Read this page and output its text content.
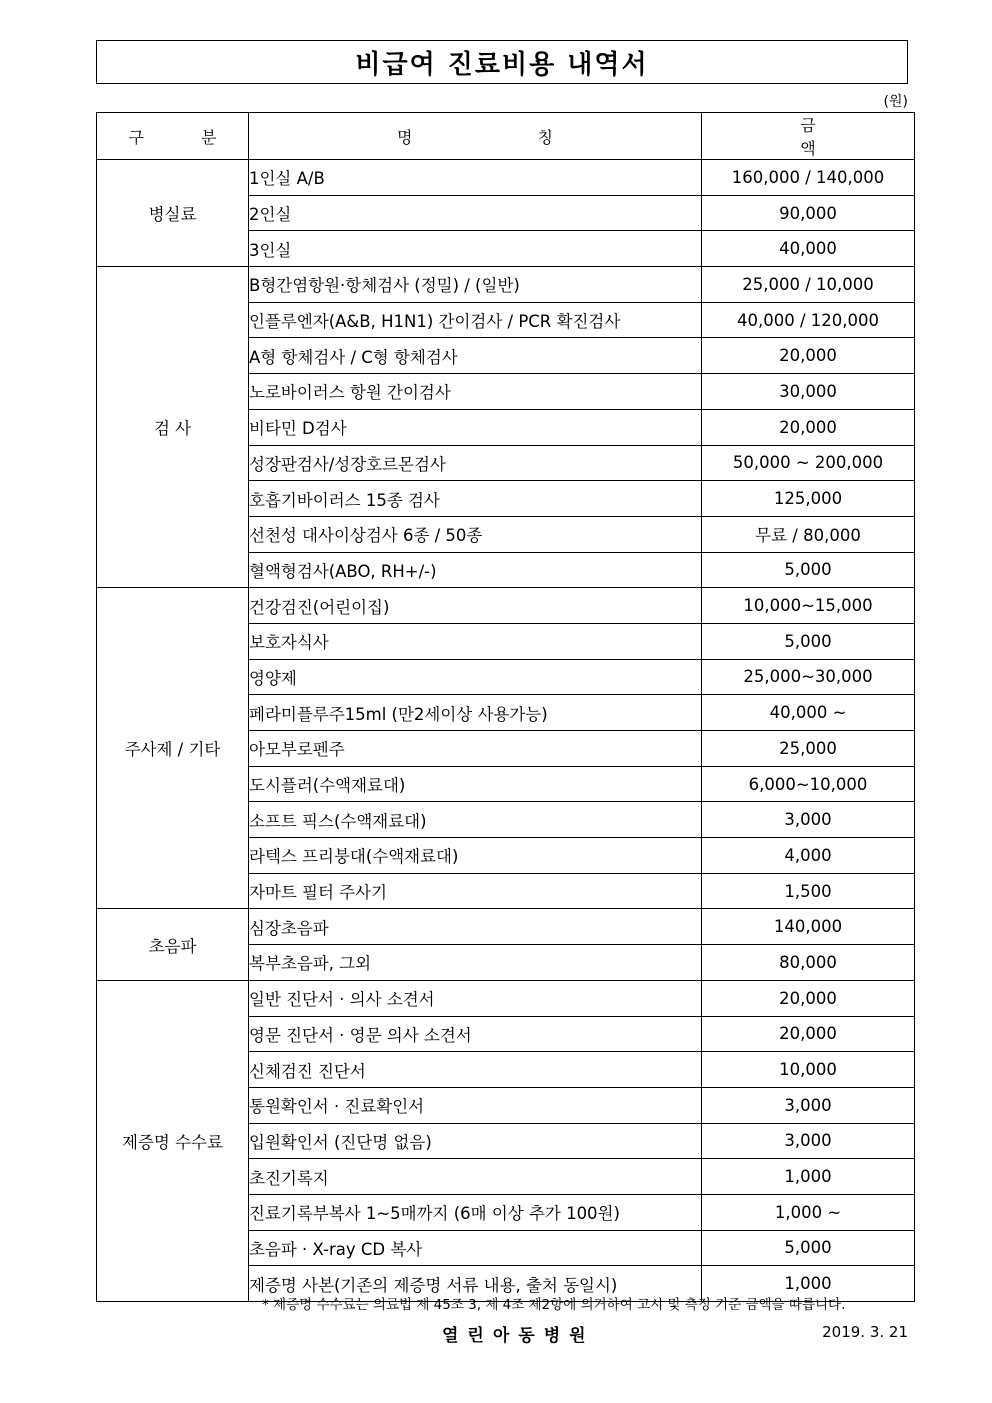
비급여 진료비용 내역서
(원)
구 분	명 칭	금 액
병실료	1인실 A/B	160,000 / 140,000
	2인실	90,000
	3인실	40,000
검 사	B형간염항원·항체검사 (정밀) / (일반)	25,000 / 10,000
	인플루엔자(A&B, H1N1) 간이검사 / PCR 확진검사	40,000 / 120,000
	A형 항체검사 / C형 항체검사	20,000
	노로바이러스 항원 간이검사	30,000
	비타민 D검사	20,000
	성장판검사/성장호르몬검사	50,000 ~ 200,000
	호흡기바이러스 15종 검사	125,000
	선천성 대사이상검사 6종 / 50종	무료 / 80,000
	혈액형검사(ABO, RH+/-)	5,000
주사제 / 기타	건강검진(어린이집)	10,000~15,000
	보호자식사	5,000
	영양제	25,000~30,000
	페라미플루주15ml (만2세이상 사용가능)	40,000 ~
	아모부로펜주	25,000
	도시플러(수액재료대)	6,000~10,000
	소프트 픽스(수액재료대)	3,000
	라텍스 프리붕대(수액재료대)	4,000
	자마트 필터 주사기	1,500
초음파	심장초음파	140,000
	복부초음파, 그외	80,000
제증명 수수료	일반 진단서 · 의사 소견서	20,000
	영문 진단서 · 영문 의사 소견서	20,000
	신체검진 진단서	10,000
	통원확인서 · 진료확인서	3,000
	입원확인서 (진단명 없음)	3,000
	초진기록지	1,000
	진료기록부복사 1~5매까지 (6매 이상 추가 100원)	1,000 ~
	초음파 · X-ray CD 복사	5,000
	제증명 사본(기존의 제증명 서류 내용, 출처 동일시)	1,000
* 제증명 수수료는 의료법 제 45조 3, 제 4조 제2항에 의거하여 고시 및 측정 기준 금액을 따릅니다.
열린아동병원	2019. 3. 21
